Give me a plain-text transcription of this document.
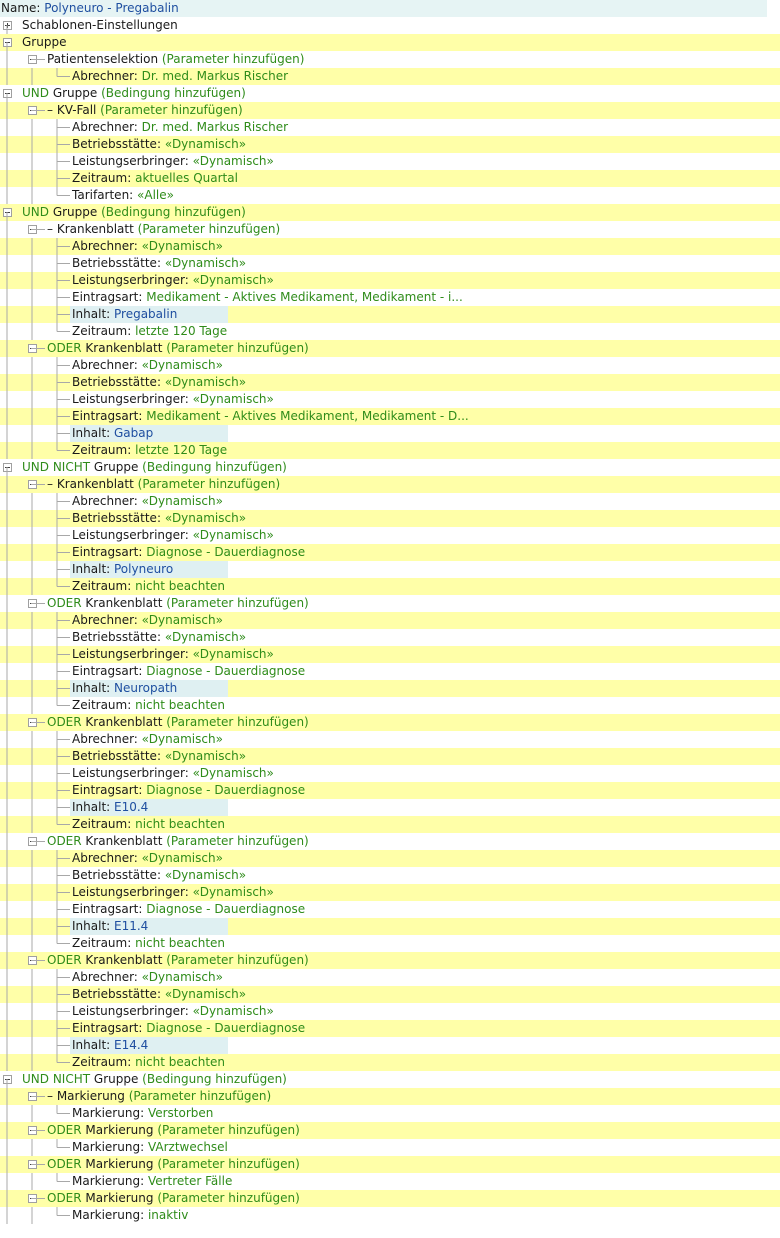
Name: Polyneuro - Pregabalin
Schablonen-Einstellungen
Gruppe
Patientenselektion (Parameter hinzufügen)
Abrechner: Dr. med. Markus Rischer
UND Gruppe (Bedingung hinzufügen)
– KV-Fall (Parameter hinzufügen)
Abrechner: Dr. med. Markus Rischer
Betriebsstätte: «Dynamisch»
Leistungserbringer: «Dynamisch»
Zeitraum: aktuelles Quartal
Tarifarten: «Alle»
UND Gruppe (Bedingung hinzufügen)
– Krankenblatt (Parameter hinzufügen)
Abrechner: «Dynamisch»
Betriebsstätte: «Dynamisch»
Leistungserbringer: «Dynamisch»
Eintragsart: Medikament - Aktives Medikament, Medikament - i...
Inhalt: Pregabalin
Zeitraum: letzte 120 Tage
ODER Krankenblatt (Parameter hinzufügen)
Abrechner: «Dynamisch»
Betriebsstätte: «Dynamisch»
Leistungserbringer: «Dynamisch»
Eintragsart: Medikament - Aktives Medikament, Medikament - D...
Inhalt: Gabap
Zeitraum: letzte 120 Tage
UND NICHT Gruppe (Bedingung hinzufügen)
– Krankenblatt (Parameter hinzufügen)
Abrechner: «Dynamisch»
Betriebsstätte: «Dynamisch»
Leistungserbringer: «Dynamisch»
Eintragsart: Diagnose - Dauerdiagnose
Inhalt: Polyneuro
Zeitraum: nicht beachten
ODER Krankenblatt (Parameter hinzufügen)
Abrechner: «Dynamisch»
Betriebsstätte: «Dynamisch»
Leistungserbringer: «Dynamisch»
Eintragsart: Diagnose - Dauerdiagnose
Inhalt: Neuropath
Zeitraum: nicht beachten
ODER Krankenblatt (Parameter hinzufügen)
Abrechner: «Dynamisch»
Betriebsstätte: «Dynamisch»
Leistungserbringer: «Dynamisch»
Eintragsart: Diagnose - Dauerdiagnose
Inhalt: E10.4
Zeitraum: nicht beachten
ODER Krankenblatt (Parameter hinzufügen)
Abrechner: «Dynamisch»
Betriebsstätte: «Dynamisch»
Leistungserbringer: «Dynamisch»
Eintragsart: Diagnose - Dauerdiagnose
Inhalt: E11.4
Zeitraum: nicht beachten
ODER Krankenblatt (Parameter hinzufügen)
Abrechner: «Dynamisch»
Betriebsstätte: «Dynamisch»
Leistungserbringer: «Dynamisch»
Eintragsart: Diagnose - Dauerdiagnose
Inhalt: E14.4
Zeitraum: nicht beachten
UND NICHT Gruppe (Bedingung hinzufügen)
– Markierung (Parameter hinzufügen)
Markierung: Verstorben
ODER Markierung (Parameter hinzufügen)
Markierung: VArztwechsel
ODER Markierung (Parameter hinzufügen)
Markierung: Vertreter Fälle
ODER Markierung (Parameter hinzufügen)
Markierung: inaktiv
